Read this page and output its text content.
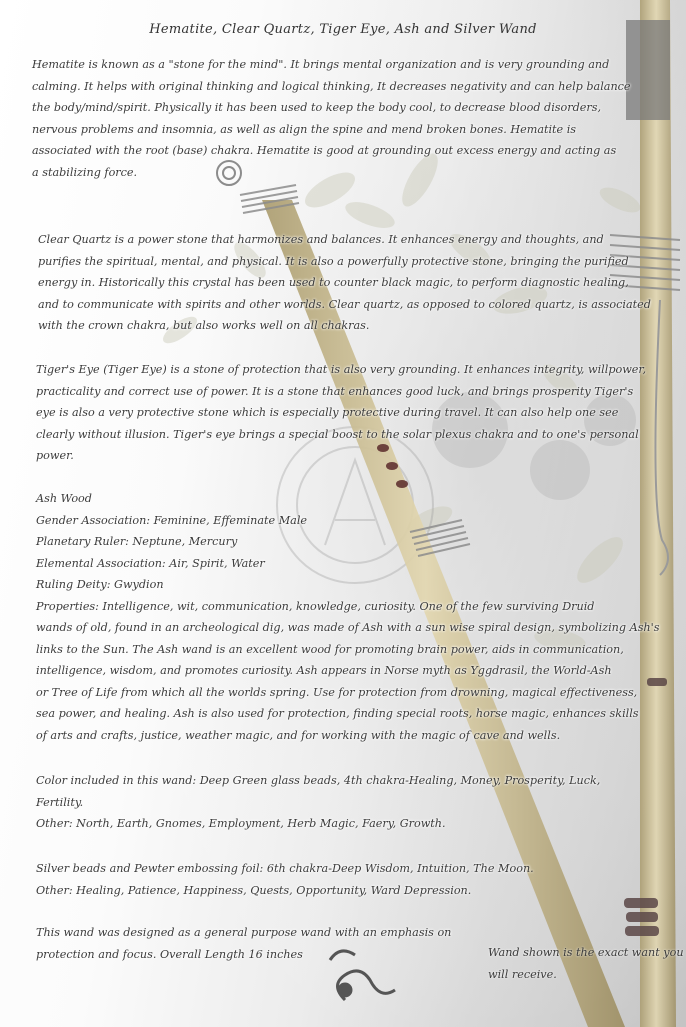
Hematite, Clear Quartz, Tiger Eye, Ash and Silver Wand
Hematite is known as a "stone for the mind". It brings mental organization and is very grounding and
calming. It helps with original thinking and logical thinking, It decreases negativity and can help balance
the body/mind/spirit. Physically it has been used to keep the body cool, to decrease blood disorders,
nervous problems and insomnia, as well as align the spine and mend broken bones. Hematite is
associated with the root (base) chakra. Hematite is good at grounding out excess energy and acting as
a stabilizing force.
Clear Quartz is a power stone that harmonizes and balances. It enhances energy and thoughts, and
purifies the spiritual, mental, and physical. It is also a powerfully protective stone, bringing the purified
energy in. Historically this crystal has been used to counter black magic, to perform diagnostic healing,
and to communicate with spirits and other worlds. Clear quartz, as opposed to colored quartz, is associated
with the crown chakra, but also works well on all chakras.
Tiger's Eye (Tiger Eye) is a stone of protection that is also very grounding. It enhances integrity, willpower,
practicality and correct use of power. It is a stone that enhances good luck, and brings prosperity Tiger's
eye is also a very protective stone which is especially protective during travel. It can also help one see
clearly without illusion. Tiger's eye brings a special boost to the solar plexus chakra and to one's personal
power.
Ash Wood
Gender Association: Feminine, Effeminate Male
Planetary Ruler: Neptune, Mercury
Elemental Association: Air, Spirit, Water
Ruling Deity: Gwydion
Properties: Intelligence, wit, communication, knowledge, curiosity. One of the few surviving Druid
wands of old, found in an archeological dig, was made of Ash with a sun wise spiral design, symbolizing Ash's
links to the Sun. The Ash wand is an excellent wood for promoting brain power, aids in communication,
intelligence, wisdom, and promotes curiosity. Ash appears in Norse myth as Yggdrasil, the World-Ash
or Tree of Life from which all the worlds spring. Use for protection from drowning, magical effectiveness,
sea power, and healing. Ash is also used for protection, finding special roots, horse magic, enhances skills
of arts and crafts, justice, weather magic, and for working with the magic of cave and wells.
Color included in this wand: Deep Green glass beads, 4th chakra-Healing, Money, Prosperity, Luck,
Fertility.
Other: North, Earth, Gnomes, Employment, Herb Magic, Faery, Growth.
Silver beads and Pewter embossing foil: 6th chakra-Deep Wisdom, Intuition, The Moon.
Other: Healing, Patience, Happiness, Quests, Opportunity, Ward Depression.
This wand was designed as a general purpose wand with an emphasis on
protection and focus. Overall Length 16 inches	Wand shown is the exact want you
will receive.
